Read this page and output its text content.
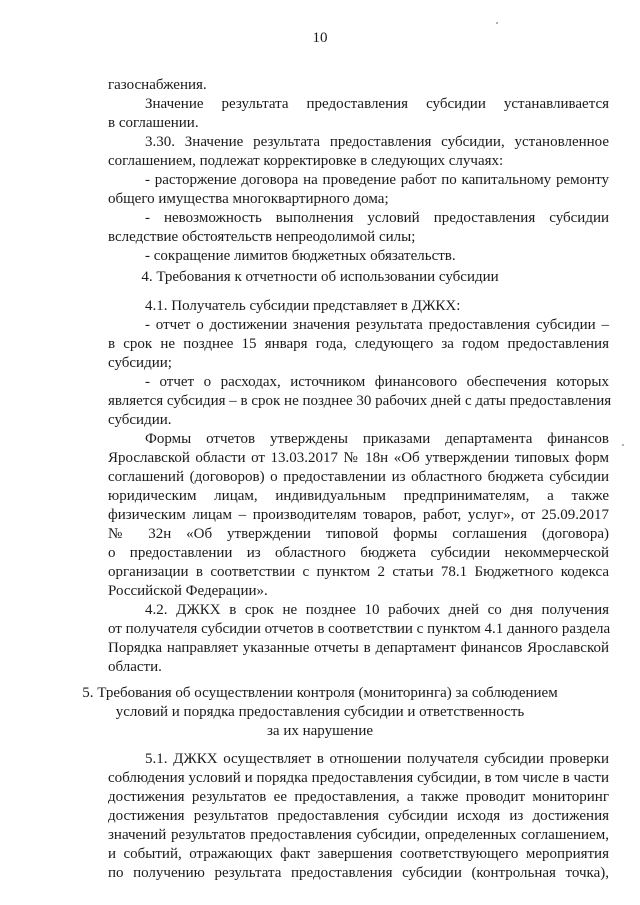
10
газоснабжения.
Значение результата предоставления субсидии устанавливается
в соглашении.
3.30. Значение результата предоставления субсидии, установленное
соглашением, подлежат корректировке в следующих случаях:
- расторжение договора на проведение работ по капитальному ремонту
общего имущества многоквартирного дома;
- невозможность выполнения условий предоставления субсидии
вследствие обстоятельств непреодолимой силы;
- сокращение лимитов бюджетных обязательств.
4. Требования к отчетности об использовании субсидии
4.1. Получатель субсидии представляет в ДЖКХ:
- отчет о достижении значения результата предоставления субсидии –
в срок не позднее 15 января года, следующего за годом предоставления
субсидии;
- отчет о расходах, источником финансового обеспечения которых
является субсидия – в срок не позднее 30 рабочих дней с даты предоставления
субсидии.
Формы отчетов утверждены приказами департамента финансов
Ярославской области от 13.03.2017 № 18н «Об утверждении типовых форм
соглашений (договоров) о предоставлении из областного бюджета субсидии
юридическим лицам, индивидуальным предпринимателям, а также
физическим лицам – производителям товаров, работ, услуг», от 25.09.2017
№ 32н «Об утверждении типовой формы соглашения (договора)
о предоставлении из областного бюджета субсидии некоммерческой
организации в соответствии с пунктом 2 статьи 78.1 Бюджетного кодекса
Российской Федерации».
4.2. ДЖКХ в срок не позднее 10 рабочих дней со дня получения
от получателя субсидии отчетов в соответствии с пунктом 4.1 данного раздела
Порядка направляет указанные отчеты в департамент финансов Ярославской
области.
5. Требования об осуществлении контроля (мониторинга) за соблюдением
условий и порядка предоставления субсидии и ответственность
за их нарушение
5.1. ДЖКХ осуществляет в отношении получателя субсидии проверки
соблюдения условий и порядка предоставления субсидии, в том числе в части
достижения результатов ее предоставления, а также проводит мониторинг
достижения результатов предоставления субсидии исходя из достижения
значений результатов предоставления субсидии, определенных соглашением,
и событий, отражающих факт завершения соответствующего мероприятия
по получению результата предоставления субсидии (контрольная точка),
